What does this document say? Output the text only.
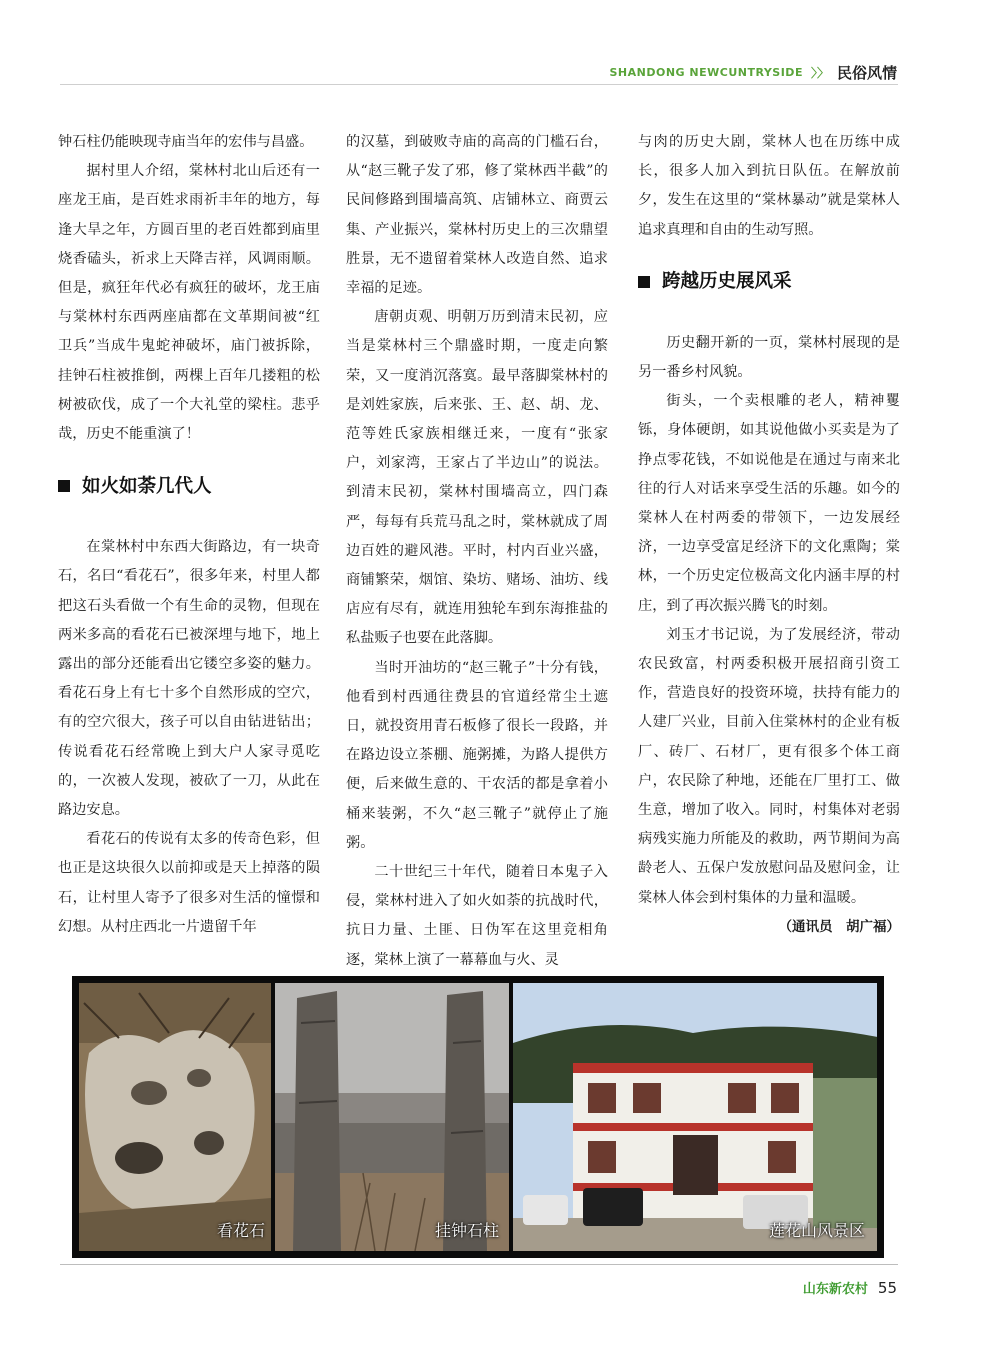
SHANDONG NEWCUNTRYSIDE 〉〉 民俗风情

钟石柱仍能映现寺庙当年的宏伟与昌盛。

据村里人介绍，棠林村北山后还有一座龙王庙，是百姓求雨祈丰年的地方，每逢大旱之年，方圆百里的老百姓都到庙里烧香磕头，祈求上天降吉祥，风调雨顺。但是，疯狂年代必有疯狂的破坏，龙王庙与棠林村东西两座庙都在文革期间被“红卫兵”当成牛鬼蛇神破坏，庙门被拆除，挂钟石柱被推倒，两棵上百年几搂粗的松树被砍伐，成了一个大礼堂的梁柱。悲乎哉，历史不能重演了！

如火如荼几代人

在棠林村中东西大街路边，有一块奇石，名曰“看花石”，很多年来，村里人都把这石头看做一个有生命的灵物，但现在两米多高的看花石已被深埋与地下，地上露出的部分还能看出它镂空多姿的魅力。看花石身上有七十多个自然形成的空穴，有的空穴很大，孩子可以自由钻进钻出；传说看花石经常晚上到大户人家寻觅吃的，一次被人发现，被砍了一刀，从此在路边安息。

看花石的传说有太多的传奇色彩，但也正是这块很久以前抑或是天上掉落的陨石，让村里人寄予了很多对生活的憧憬和幻想。从村庄西北一片遗留千年

的汉墓，到破败寺庙的高高的门槛石台，从“赵三靴子发了邪，修了棠林西半截”的民间修路到围墙高筑、店铺林立、商贾云集、产业振兴，棠林村历史上的三次鼎望胜景，无不遗留着棠林人改造自然、追求幸福的足迹。

唐朝贞观、明朝万历到清末民初，应当是棠林村三个鼎盛时期，一度走向繁荣，又一度消沉落寞。最早落脚棠林村的是刘姓家族，后来张、王、赵、胡、龙、范等姓氏家族相继迁来，一度有“张家户，刘家湾，王家占了半边山”的说法。到清末民初，棠林村围墙高立，四门森严，每每有兵荒马乱之时，棠林就成了周边百姓的避风港。平时，村内百业兴盛，商铺繁荣，烟馆、染坊、赌场、油坊、线店应有尽有，就连用独轮车到东海推盐的私盐贩子也要在此落脚。

当时开油坊的“赵三靴子”十分有钱，他看到村西通往费县的官道经常尘土遮日，就投资用青石板修了很长一段路，并在路边设立茶棚、施粥摊，为路人提供方便，后来做生意的、干农活的都是拿着小桶来装粥，不久“赵三靴子”就停止了施粥。

二十世纪三十年代，随着日本鬼子入侵，棠林村进入了如火如荼的抗战时代，抗日力量、土匪、日伪军在这里竞相角逐，棠林上演了一幕幕血与火、灵

与肉的历史大剧，棠林人也在历练中成长，很多人加入到抗日队伍。在解放前夕，发生在这里的“棠林暴动”就是棠林人追求真理和自由的生动写照。

跨越历史展风采

历史翻开新的一页，棠林村展现的是另一番乡村风貌。

街头，一个卖根雕的老人，精神矍铄，身体硬朗，如其说他做小买卖是为了挣点零花钱，不如说他是在通过与南来北往的行人对话来享受生活的乐趣。如今的棠林人在村两委的带领下，一边发展经济，一边享受富足经济下的文化熏陶；棠林，一个历史定位极高文化内涵丰厚的村庄，到了再次振兴腾飞的时刻。

刘玉才书记说，为了发展经济，带动农民致富，村两委积极开展招商引资工作，营造良好的投资环境，扶持有能力的人建厂兴业，目前入住棠林村的企业有板厂、砖厂、石材厂，更有很多个体工商户，农民除了种地，还能在厂里打工、做生意，增加了收入。同时，村集体对老弱病残实施力所能及的救助，两节期间为高龄老人、五保户发放慰问品及慰问金，让棠林人体会到村集体的力量和温暖。
（通讯员　胡广福）

看花石	挂钟石柱	莲花山风景区
山东新农村 55
